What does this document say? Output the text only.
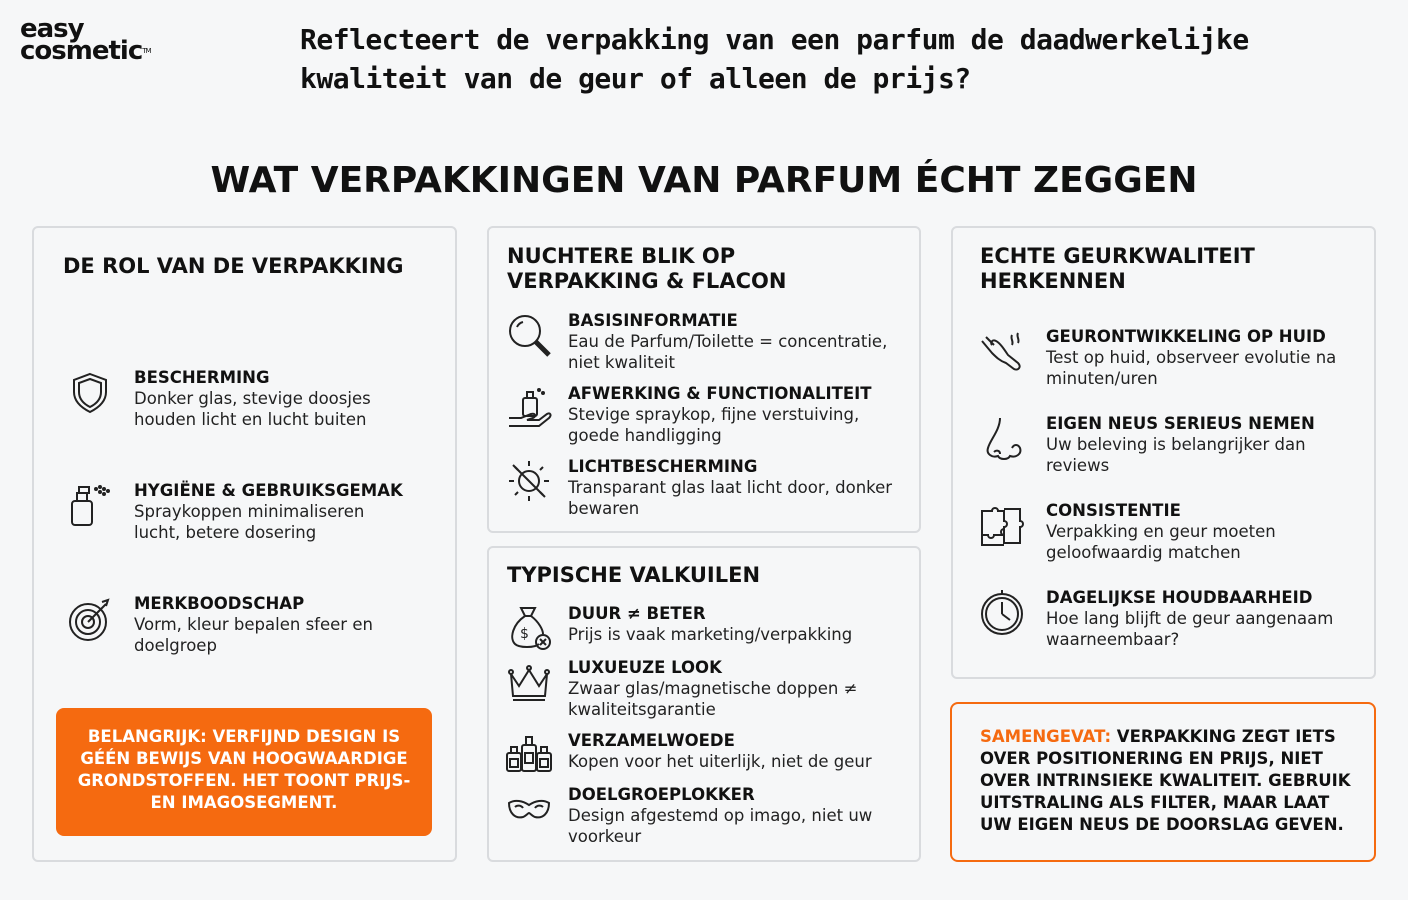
easy
cosmetic™	Reflecteert de verpakking van een parfum de daadwerkelijke kwaliteit van de geur of alleen de prijs?
WAT VERPAKKINGEN VAN PARFUM ÉCHT ZEGGEN
DE ROL VAN DE VERPAKKING
BESCHERMING
Donker glas, stevige doosjes houden licht en lucht buiten
HYGIËNE & GEBRUIKSGEMAK
Spraykoppen minimaliseren lucht, betere dosering
MERKBOODSCHAP
Vorm, kleur bepalen sfeer en doelgroep
BELANGRIJK: VERFIJND DESIGN IS GÉÉN BEWIJS VAN HOOGWAARDIGE GRONDSTOFFEN. HET TOONT PRIJS- EN IMAGOSEGMENT.
NUCHTERE BLIK OP VERPAKKING & FLACON
BASISINFORMATIE
Eau de Parfum/Toilette = concentratie, niet kwaliteit
AFWERKING & FUNCTIONALITEIT
Stevige spraykop, fijne verstuiving, goede handligging
LICHTBESCHERMING
Transparant glas laat licht door, donker bewaren
TYPISCHE VALKUILEN
$
DUUR ≠ BETER
Prijs is vaak marketing/verpakking
LUXUEUZE LOOK
Zwaar glas/magnetische doppen ≠ kwaliteitsgarantie
VERZAMELWOEDE
Kopen voor het uiterlijk, niet de geur
DOELGROEPLOKKER
Design afgestemd op imago, niet uw voorkeur
ECHTE GEURKWALITEIT HERKENNEN
GEURONTWIKKELING OP HUID
Test op huid, observeer evolutie na minuten/uren
EIGEN NEUS SERIEUS NEMEN
Uw beleving is belangrijker dan reviews
CONSISTENTIE
Verpakking en geur moeten geloofwaardig matchen
DAGELIJKSE HOUDBAARHEID
Hoe lang blijft de geur aangenaam waarneembaar?
SAMENGEVAT: VERPAKKING ZEGT IETS OVER POSITIONERING EN PRIJS, NIET OVER INTRINSIEKE KWALITEIT. GEBRUIK UITSTRALING ALS FILTER, MAAR LAAT UW EIGEN NEUS DE DOORSLAG GEVEN.
